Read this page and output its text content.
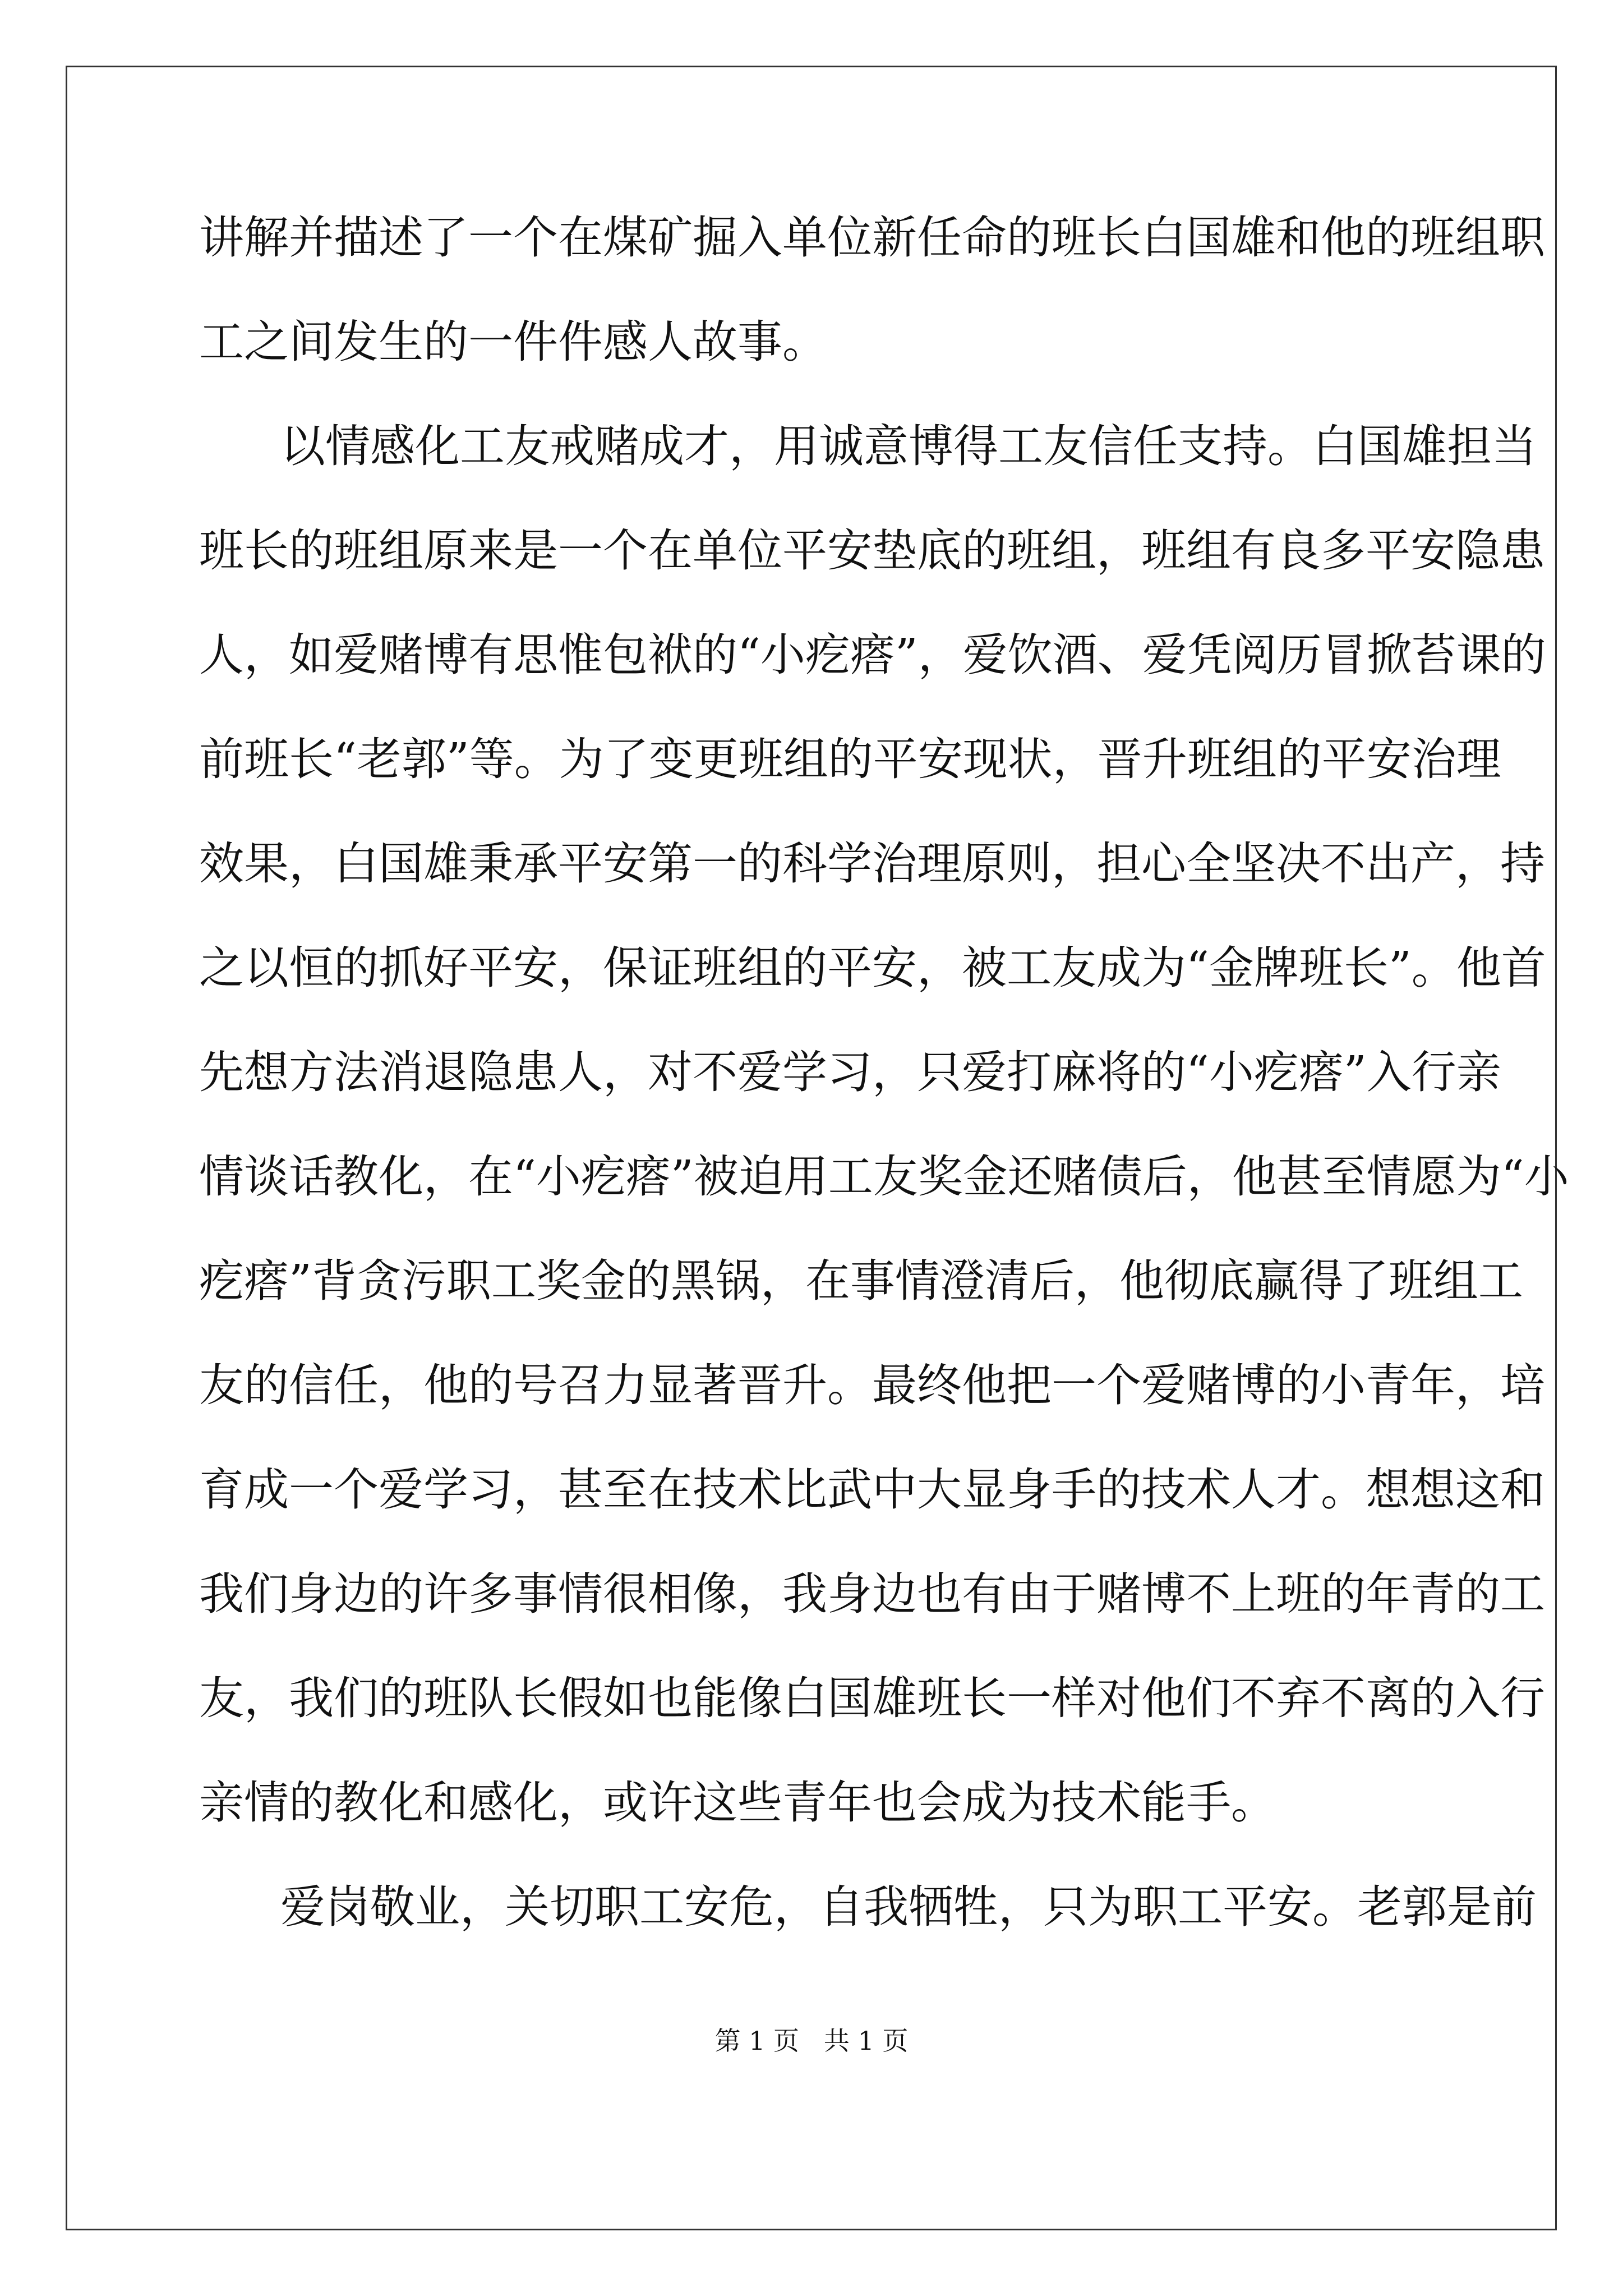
讲解并描述了一个在煤矿掘入单位新任命的班长白国雄和他的班组职
工之间发生的一件件感人故事。
以情感化工友戒赌成才，用诚意博得工友信任支持。白国雄担当
班长的班组原来是一个在单位平安垫底的班组，班组有良多平安隐患
人，如爱赌博有思惟包袱的“小疙瘩”，爱饮酒、爱凭阅历冒掀苔课的
前班长“老郭”等。为了变更班组的平安现状，晋升班组的平安治理
效果，白国雄秉承平安第一的科学治理原则，担心全坚决不出产，持
之以恒的抓好平安，保证班组的平安，被工友成为“金牌班长”。他首
先想方法消退隐患人，对不爱学习，只爱打麻将的“小疙瘩”入行亲
情谈话教化，在“小疙瘩”被迫用工友奖金还赌债后，他甚至情愿为“小
疙瘩”背贪污职工奖金的黑锅，在事情澄清后，他彻底赢得了班组工
友的信任，他的号召力显著晋升。最终他把一个爱赌博的小青年，培
育成一个爱学习，甚至在技术比武中大显身手的技术人才。想想这和
我们身边的许多事情很相像，我身边也有由于赌博不上班的年青的工
友，我们的班队长假如也能像白国雄班长一样对他们不弃不离的入行
亲情的教化和感化，或许这些青年也会成为技术能手。
爱岗敬业，关切职工安危，自我牺牲，只为职工平安。老郭是前
第 1 页   共 1 页
